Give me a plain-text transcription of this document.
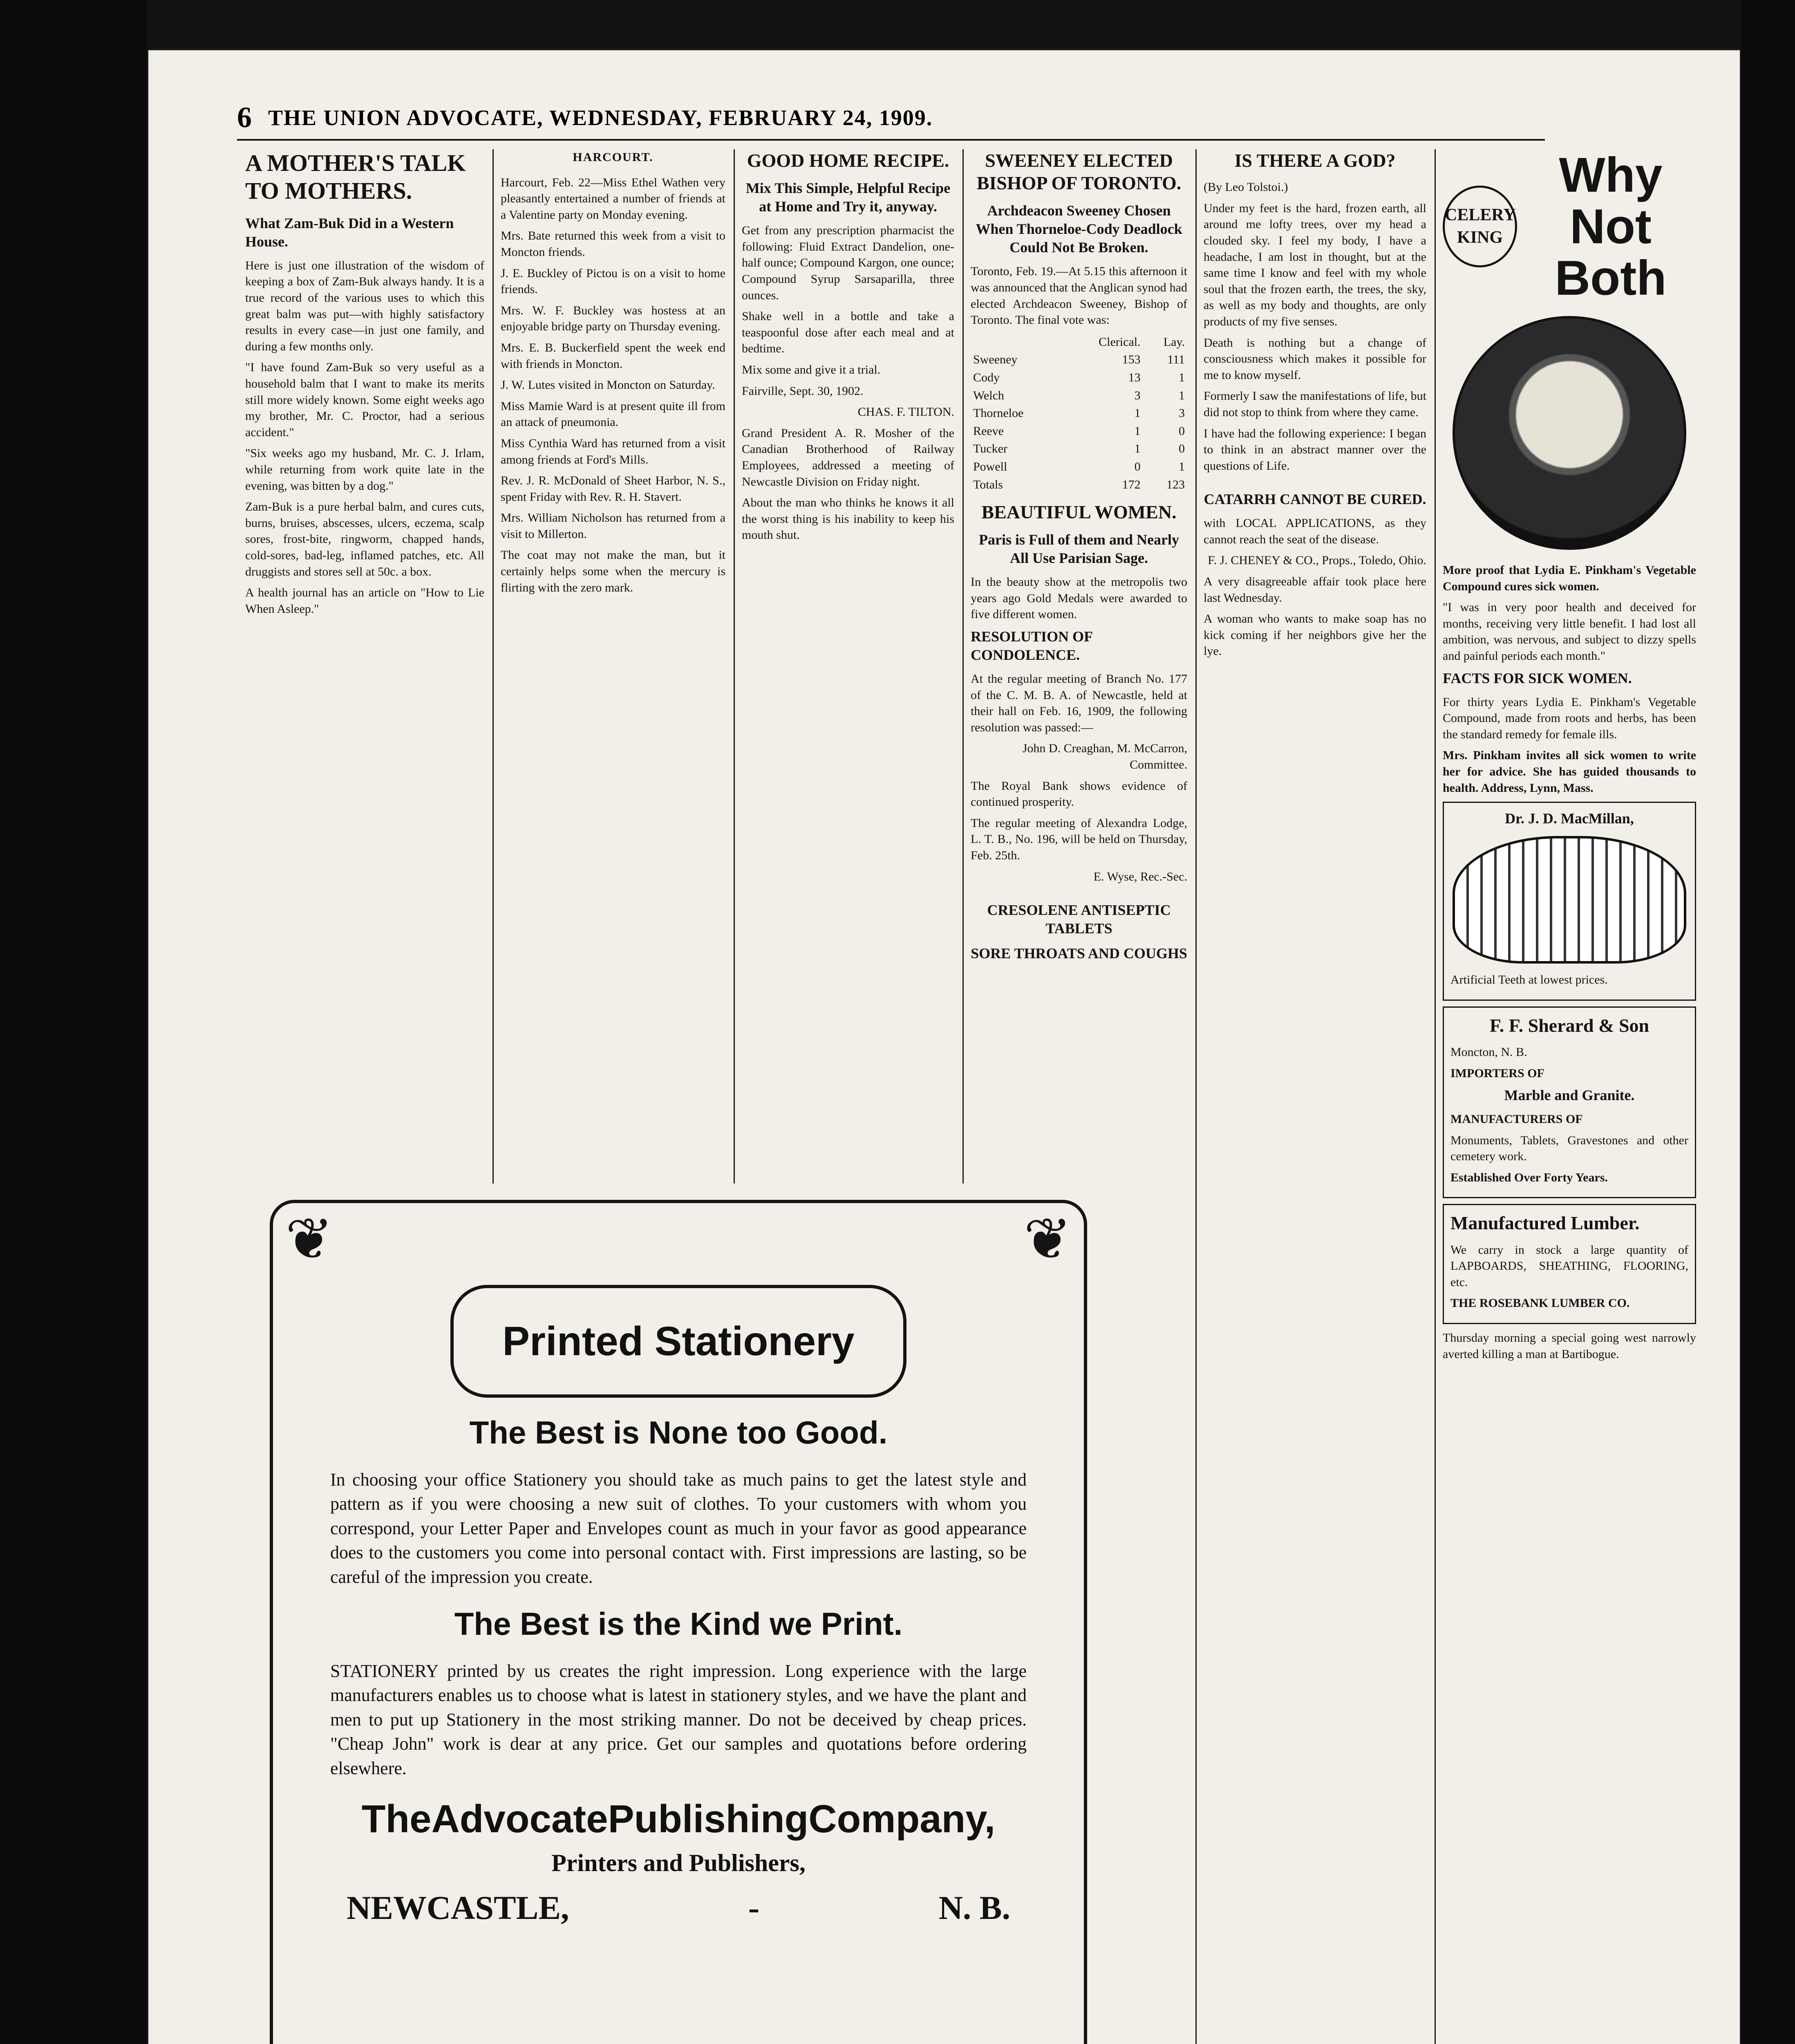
6 THE UNION ADVOCATE, WEDNESDAY, FEBRUARY 24, 1909.
A MOTHER'S TALK TO MOTHERS.
What Zam-Buk Did in a Western House.

Here is just one illustration of the wisdom of keeping a box of Zam-Buk always handy. It is a true record of the various uses to which this great balm was put—with highly satisfactory results in every case—in just one family, and during a few months only.

"I have found Zam-Buk so very useful as a household balm that I want to make its merits still more widely known. Some eight weeks ago my brother, Mr. C. Proctor, had a serious accident."

"Six weeks ago my husband, Mr. C. J. Irlam, while returning from work quite late in the evening, was bitten by a dog."

Zam-Buk is a pure herbal balm, and cures cuts, burns, bruises, abscesses, ulcers, eczema, scalp sores, frost-bite, ringworm, chapped hands, cold-sores, bad-leg, inflamed patches, etc. All druggists and stores sell at 50c. a box.

A health journal has an article on "How to Lie When Asleep."

HARCOURT.

Harcourt, Feb. 22—Miss Ethel Wathen very pleasantly entertained a number of friends at a Valentine party on Monday evening.

Mrs. Bate returned this week from a visit to Moncton friends.

J. E. Buckley of Pictou is on a visit to home friends.

Mrs. W. F. Buckley was hostess at an enjoyable bridge party on Thursday evening.

Mrs. E. B. Buckerfield spent the week end with friends in Moncton.

J. W. Lutes visited in Moncton on Saturday.

Miss Mamie Ward is at present quite ill from an attack of pneumonia.

Miss Cynthia Ward has returned from a visit among friends at Ford's Mills.

Rev. J. R. McDonald of Sheet Harbor, N. S., spent Friday with Rev. R. H. Stavert.

Mrs. William Nicholson has returned from a visit to Millerton.

The coat may not make the man, but it certainly helps some when the mercury is flirting with the zero mark.

GOOD HOME RECIPE.
Mix This Simple, Helpful Recipe at Home and Try it, anyway.

Get from any prescription pharmacist the following: Fluid Extract Dandelion, one-half ounce; Compound Kargon, one ounce; Compound Syrup Sarsaparilla, three ounces.

Shake well in a bottle and take a teaspoonful dose after each meal and at bedtime.

Mix some and give it a trial.

Fairville, Sept. 30, 1902.

CHAS. F. TILTON.

Grand President A. R. Mosher of the Canadian Brotherhood of Railway Employees, addressed a meeting of Newcastle Division on Friday night.

About the man who thinks he knows it all the worst thing is his inability to keep his mouth shut.

SWEENEY ELECTED BISHOP OF TORONTO.
Archdeacon Sweeney Chosen When Thorneloe-Cody Deadlock Could Not Be Broken.

Toronto, Feb. 19.—At 5.15 this afternoon it was announced that the Anglican synod had elected Archdeacon Sweeney, Bishop of Toronto. The final vote was:

	Clerical.	Lay.
Sweeney	153	111
Cody	13	1
Welch	3	1
Thorneloe	1	3
Reeve	1	0
Tucker	1	0
Powell	0	1
Totals	172	123
BEAUTIFUL WOMEN.
Paris is Full of them and Nearly All Use Parisian Sage.

In the beauty show at the metropolis two years ago Gold Medals were awarded to five different women.

RESOLUTION OF CONDOLENCE.

At the regular meeting of Branch No. 177 of the C. M. B. A. of Newcastle, held at their hall on Feb. 16, 1909, the following resolution was passed:—

John D. Creaghan, M. McCarron, Committee.

The Royal Bank shows evidence of continued prosperity.

The regular meeting of Alexandra Lodge, L. T. B., No. 196, will be held on Thursday, Feb. 25th.

E. Wyse, Rec.-Sec.

CRESOLENE ANTISEPTIC TABLETS
SORE THROATS AND COUGHS
IS THERE A GOD?

(By Leo Tolstoi.)

Under my feet is the hard, frozen earth, all around me lofty trees, over my head a clouded sky. I feel my body, I have a headache, I am lost in thought, but at the same time I know and feel with my whole soul that the frozen earth, the trees, the sky, as well as my body and thoughts, are only products of my five senses.

Death is nothing but a change of consciousness which makes it possible for me to know myself.

Formerly I saw the manifestations of life, but did not stop to think from where they came.

I have had the following experience: I began to think in an abstract manner over the questions of Life.

CATARRH CANNOT BE CURED.

with LOCAL APPLICATIONS, as they cannot reach the seat of the disease.

F. J. CHENEY & CO., Props., Toledo, Ohio.

A very disagreeable affair took place here last Wednesday.

A woman who wants to make soap has no kick coming if her neighbors give her the lye.

CELERY KING
Why Not Both

More proof that Lydia E. Pinkham's Vegetable Compound cures sick women.

"I was in very poor health and deceived for months, receiving very little benefit. I had lost all ambition, was nervous, and subject to dizzy spells and painful periods each month."

FACTS FOR SICK WOMEN.

For thirty years Lydia E. Pinkham's Vegetable Compound, made from roots and herbs, has been the standard remedy for female ills.

Mrs. Pinkham invites all sick women to write her for advice. She has guided thousands to health. Address, Lynn, Mass.

Dr. J. D. MacMillan,

Artificial Teeth at lowest prices.

F. F. Sherard & Son

Moncton, N. B.

IMPORTERS OF

Marble and Granite.

MANUFACTURERS OF

Monuments, Tablets, Gravestones and other cemetery work.

Established Over Forty Years.

Manufactured Lumber.

We carry in stock a large quantity of LAPBOARDS, SHEATHING, FLOORING, etc.

THE ROSEBANK LUMBER CO.

Thursday morning a special going west narrowly averted killing a man at Bartibogue.

❦	❦
Printed Stationery
The Best is None too Good.
In choosing your office Stationery you should take as much pains to get the latest style and pattern as if you were choosing a new suit of clothes. To your customers with whom you correspond, your Letter Paper and Envelopes count as much in your favor as good appearance does to the customers you come into personal contact with. First impressions are lasting, so be careful of the impression you create.
The Best is the Kind we Print.
STATIONERY printed by us creates the right impression. Long experience with the large manufacturers enables us to choose what is latest in stationery styles, and we have the plant and men to put up Stationery in the most striking manner. Do not be deceived by cheap prices. "Cheap John" work is dear at any price. Get our samples and quotations before ordering elsewhere.
TheAdvocatePublishingCompany,
Printers and Publishers,
NEWCASTLE,	-	N. B.
